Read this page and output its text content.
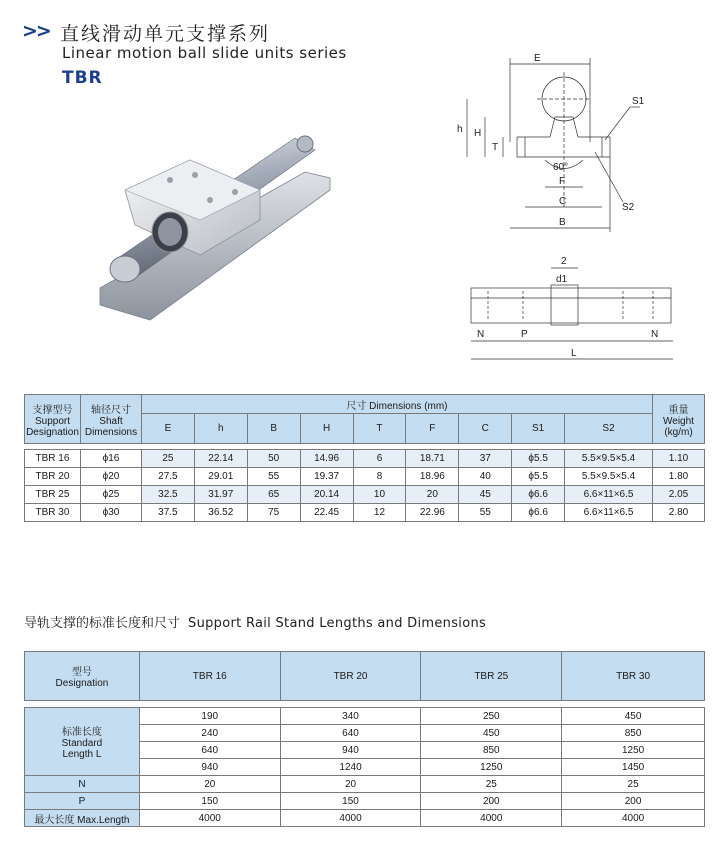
>> 直线滑动单元支撑系列
Linear motion ball slide units series
TBR
E
h H
T
60°
F
C
B
S1
S2
2
d1
N	P	N
L
支撑型号
Support
Designation	轴径尺寸
Shaft
Dimensions	尺寸 Dimensions (mm)									重量
Weight
(kg/m)
		E	h	B	H	T	F	C	S1	S2	

TBR 16	ϕ16	25	22.14	50	14.96	6	18.71	37	ϕ5.5	5.5×9.5×5.4	1.10
TBR 20	ϕ20	27.5	29.01	55	19.37	8	18.96	40	ϕ5.5	5.5×9.5×5.4	1.80
TBR 25	ϕ25	32.5	31.97	65	20.14	10	20	45	ϕ6.6	6.6×11×6.5	2.05
TBR 30	ϕ30	37.5	36.52	75	22.45	12	22.96	55	ϕ6.6	6.6×11×6.5	2.80
导轨支撑的标准长度和尺寸 Support Rail Stand Lengths and Dimensions
型号
Designation	TBR 16	TBR 20	TBR 25	TBR 30

标准长度
Standard
Length L	190	340	250	450
	240	640	450	850
	640	940	850	1250
	940	1240	1250	1450
N	20	20	25	25
P	150	150	200	200
最大长度 Max.Length	4000	4000	4000	4000
